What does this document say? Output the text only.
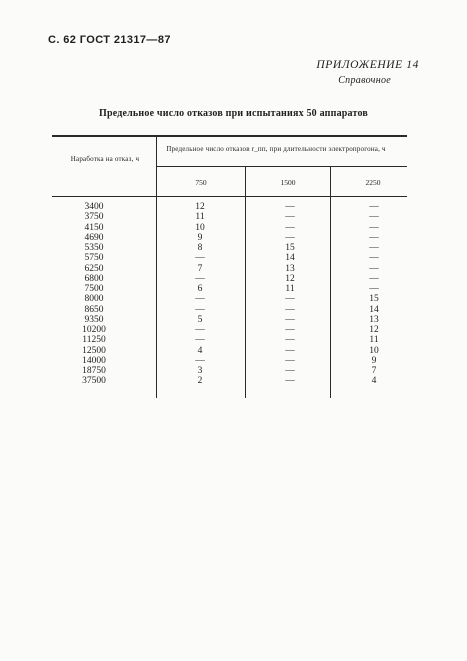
С. 62 ГОСТ 21317—87
ПРИЛОЖЕНИЕ 14
Справочное
Предельное число отказов при испытаниях 50 аппаратов
Наработка на отказ, ч
Предельное число отказов r_пп, при длительности электропрогона, ч
750	1500	2250
3400	12	—	—
3750	11	—	—
4150	10	—	—
4690	9	—	—
5350	8	15	—
5750	—	14	—
6250	7	13	—
6800	—	12	—
7500	6	11	—
8000	—	—	15
8650	—	—	14
9350	5	—	13
10200	—	—	12
11250	—	—	11
12500	4	—	10
14000	—	—	9
18750	3	—	7
37500	2	—	4
